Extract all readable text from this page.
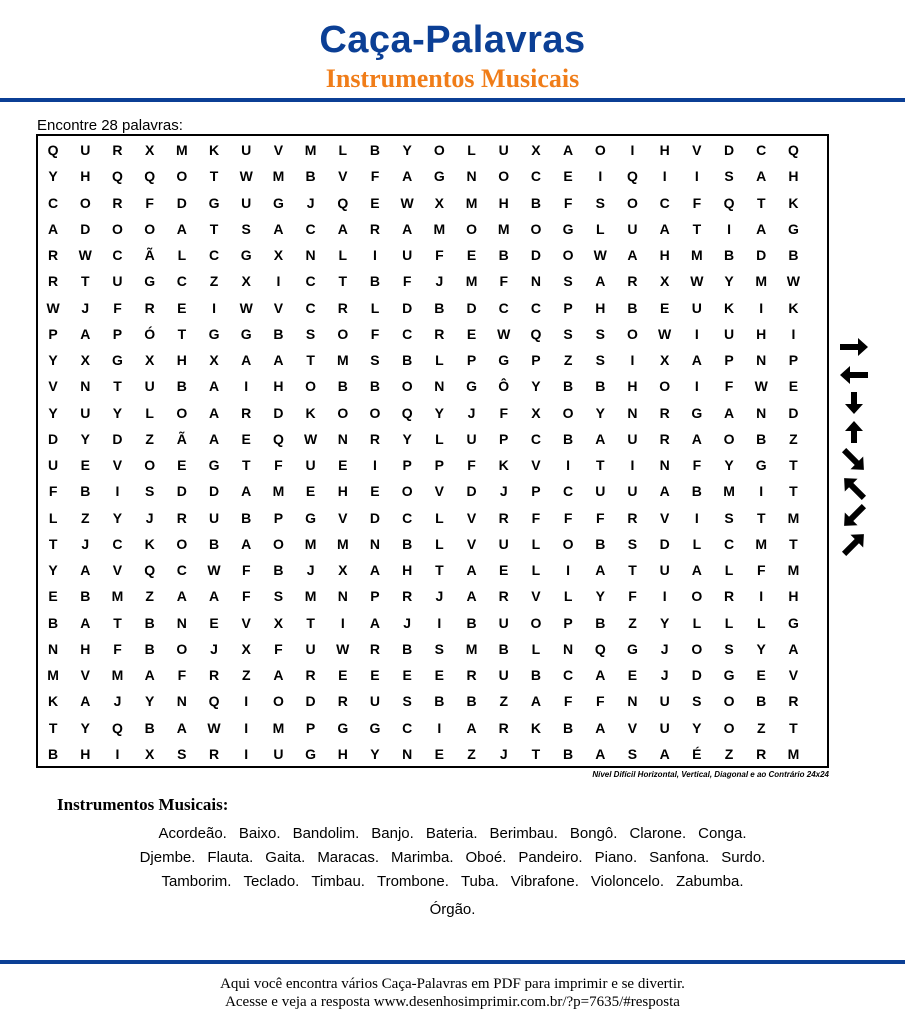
Caça-Palavras
Instrumentos Musicais
Encontre 28 palavras:
Q	U	R	X	M	K	U	V	M	L	B	Y	O	L	U	X	A	O	I	H	V	D	C	Q
Y	H	Q	Q	O	T	W	M	B	V	F	A	G	N	O	C	E	I	Q	I	I	S	A	H
C	O	R	F	D	G	U	G	J	Q	E	W	X	M	H	B	F	S	O	C	F	Q	T	K
A	D	O	O	A	T	S	A	C	A	R	A	M	O	M	O	G	L	U	A	T	I	A	G
R	W	C	Ã	L	C	G	X	N	L	I	U	F	E	B	D	O	W	A	H	M	B	D	B
R	T	U	G	C	Z	X	I	C	T	B	F	J	M	F	N	S	A	R	X	W	Y	M	W
W	J	F	R	E	I	W	V	C	R	L	D	B	D	C	C	P	H	B	E	U	K	I	K
P	A	P	Ó	T	G	G	B	S	O	F	C	R	E	W	Q	S	S	O	W	I	U	H	I
Y	X	G	X	H	X	A	A	T	M	S	B	L	P	G	P	Z	S	I	X	A	P	N	P
V	N	T	U	B	A	I	H	O	B	B	O	N	G	Ô	Y	B	B	H	O	I	F	W	E
Y	U	Y	L	O	A	R	D	K	O	O	Q	Y	J	F	X	O	Y	N	R	G	A	N	D
D	Y	D	Z	Ã	A	E	Q	W	N	R	Y	L	U	P	C	B	A	U	R	A	O	B	Z
U	E	V	O	E	G	T	F	U	E	I	P	P	F	K	V	I	T	I	N	F	Y	G	T
F	B	I	S	D	D	A	M	E	H	E	O	V	D	J	P	C	U	U	A	B	M	I	T
L	Z	Y	J	R	U	B	P	G	V	D	C	L	V	R	F	F	F	R	V	I	S	T	M
T	J	C	K	O	B	A	O	M	M	N	B	L	V	U	L	O	B	S	D	L	C	M	T
Y	A	V	Q	C	W	F	B	J	X	A	H	T	A	E	L	I	A	T	U	A	L	F	M
E	B	M	Z	A	A	F	S	M	N	P	R	J	A	R	V	L	Y	F	I	O	R	I	H
B	A	T	B	N	E	V	X	T	I	A	J	I	B	U	O	P	B	Z	Y	L	L	L	G
N	H	F	B	O	J	X	F	U	W	R	B	S	M	B	L	N	Q	G	J	O	S	Y	A
M	V	M	A	F	R	Z	A	R	E	E	E	E	R	U	B	C	A	E	J	D	G	E	V
K	A	J	Y	N	Q	I	O	D	R	U	S	B	B	Z	A	F	F	N	U	S	O	B	R
T	Y	Q	B	A	W	I	M	P	G	G	C	I	A	R	K	B	A	V	U	Y	O	Z	T
B	H	I	X	S	R	I	U	G	H	Y	N	E	Z	J	T	B	A	S	A	É	Z	R	M
Nível Difícil Horizontal, Vertical, Diagonal e ao Contrário 24x24
Instrumentos Musicais:
Acordeão. Baixo. Bandolim. Banjo. Bateria. Berimbau. Bongô. Clarone. Conga.
Djembe. Flauta. Gaita. Maracas. Marimba. Oboé. Pandeiro. Piano. Sanfona. Surdo.
Tamborim. Teclado. Timbau. Trombone. Tuba. Vibrafone. Violoncelo. Zabumba.
Órgão.
Aqui você encontra vários Caça-Palavras em PDF para imprimir e se divertir.
Acesse e veja a resposta www.desenhosimprimir.com.br/?p=7635/#resposta
